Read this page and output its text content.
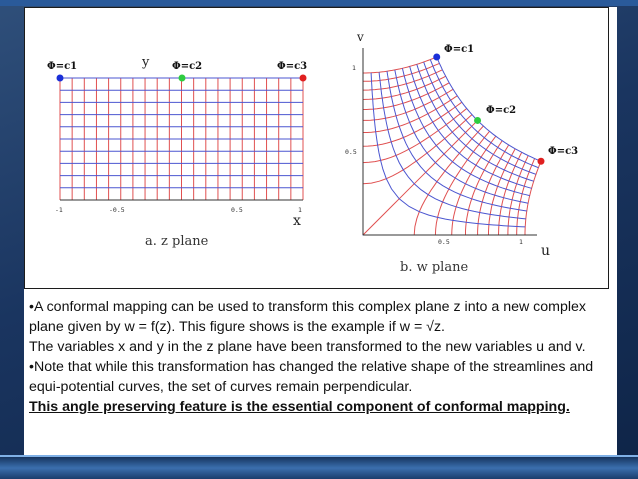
y
x
-1	-0.5	0.5	1
a. z plane
Φ=c1	Φ=c2	Φ=c3
v
u
0.5	1
1
0.5
b. w plane
Φ=c1
Φ=c2
Φ=c3

•A conformal mapping can be used to transform this complex plane z into a new complex plane given by w = f(z). This figure shows is the example if w = √z.

The variables x and y in the z plane have been transformed to the new variables u and v.

•Note that while this transformation has changed the relative shape of the streamlines and equi-potential curves, the set of curves remain perpendicular.

This angle preserving feature is the essential component of conformal mapping.
